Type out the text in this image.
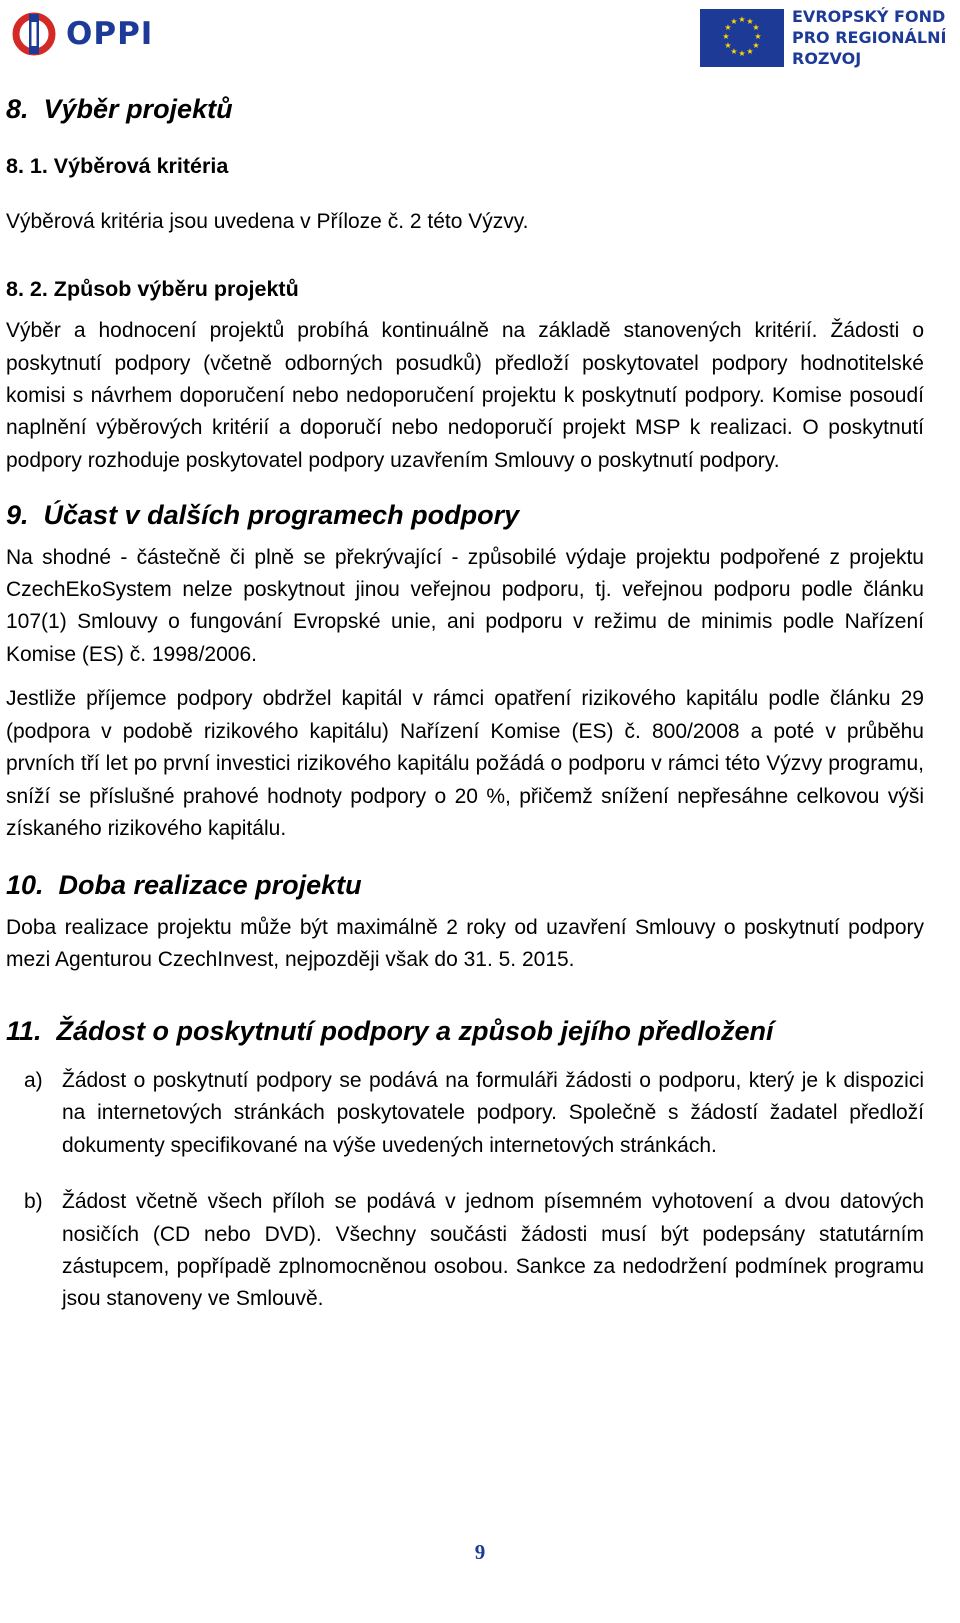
OPPI	★ ★
★
★
★
★
★
★
★
★
★
★	EVROPSKÝ FOND
PRO REGIONÁLNÍ
ROZVOJ
8.  Výběr projektů
8. 1. Výběrová kritéria

Výběrová kritéria jsou uvedena v Příloze č. 2 této Výzvy.

8. 2. Způsob výběru projektů

Výběr a hodnocení projektů probíhá kontinuálně na základě stanovených kritérií. Žádosti o poskytnutí podpory (včetně odborných posudků) předloží poskytovatel podpory hodnotitelské komisi s návrhem doporučení nebo nedoporučení projektu k poskytnutí podpory. Komise posoudí naplnění výběrových kritérií a doporučí nebo nedoporučí projekt MSP k realizaci. O poskytnutí podpory rozhoduje poskytovatel podpory uzavřením Smlouvy o poskytnutí podpory.

9.  Účast v dalších programech podpory

Na shodné - částečně či plně se překrývající - způsobilé výdaje projektu podpořené z projektu CzechEkoSystem nelze poskytnout jinou veřejnou podporu, tj. veřejnou podporu podle článku 107(1) Smlouvy o fungování Evropské unie, ani podporu v režimu de minimis podle Nařízení Komise (ES) č. 1998/2006.

Jestliže příjemce podpory obdržel kapitál v rámci opatření rizikového kapitálu podle článku 29 (podpora v podobě rizikového kapitálu) Nařízení Komise (ES) č. 800/2008 a poté v průběhu prvních tří let po první investici rizikového kapitálu požádá o podporu v rámci této Výzvy programu, sníží se příslušné prahové hodnoty podpory o 20 %, přičemž snížení nepřesáhne celkovou výši získaného rizikového kapitálu.

10.  Doba realizace projektu

Doba realizace projektu může být maximálně 2 roky od uzavření Smlouvy o poskytnutí podpory mezi Agenturou CzechInvest, nejpozději však do 31. 5. 2015.

11.  Žádost o poskytnutí podpory a způsob jejího předložení
a) Žádost o poskytnutí podpory se podává na formuláři žádosti o podporu, který je k dispozici na internetových stránkách poskytovatele podpory. Společně s žádostí žadatel předloží dokumenty specifikované na výše uvedených internetových stránkách.

b) Žádost včetně všech příloh se podává v jednom písemném vyhotovení a dvou datových nosičích (CD nebo DVD). Všechny součásti žádosti musí být podepsány statutárním zástupcem, popřípadě zplnomocněnou osobou. Sankce za nedodržení podmínek programu jsou stanoveny ve Smlouvě.

9
